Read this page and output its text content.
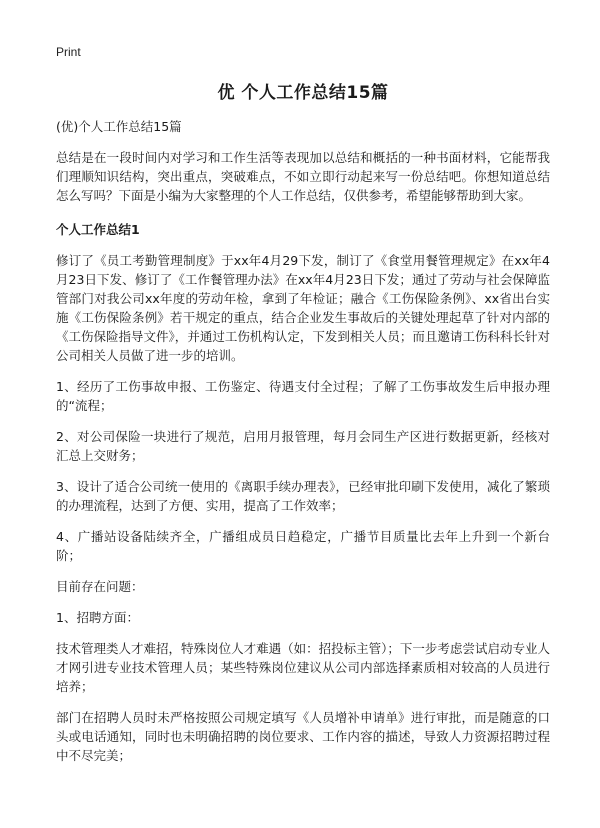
Print
优 个人工作总结15篇
(优)个人工作总结15篇

总结是在一段时间内对学习和工作生活等表现加以总结和概括的一种书面材料，它能帮我们理顺知识结构，突出重点，突破难点，不如立即行动起来写一份总结吧。你想知道总结怎么写吗？下面是小编为大家整理的个人工作总结，仅供参考，希望能够帮助到大家。

个人工作总结1

修订了《员工考勤管理制度》于xx年4月29下发，制订了《食堂用餐管理规定》在xx年4月23日下发、修订了《工作餐管理办法》在xx年4月23日下发；通过了劳动与社会保障监管部门对我公司xx年度的劳动年检，拿到了年检证；融合《工伤保险条例》、xx省出台实施《工伤保险条例》若干规定的重点，结合企业发生事故后的关键处理起草了针对内部的《工伤保险指导文件》，并通过工伤机构认定，下发到相关人员；而且邀请工伤科科长针对公司相关人员做了进一步的培训。

1、经历了工伤事故申报、工伤鉴定、待遇支付全过程；了解了工伤事故发生后申报办理的“流程；

2、对公司保险一块进行了规范，启用月报管理，每月会同生产区进行数据更新，经核对汇总上交财务；

3、设计了适合公司统一使用的《离职手续办理表》，已经审批印刷下发使用，减化了繁琐的办理流程，达到了方便、实用，提高了工作效率；

4、广播站设备陆续齐全，广播组成员日趋稳定，广播节目质量比去年上升到一个新台阶；

目前存在问题：

1、招聘方面：

技术管理类人才难招，特殊岗位人才难遇（如：招投标主管）；下一步考虑尝试启动专业人才网引进专业技术管理人员；某些特殊岗位建议从公司内部选择素质相对较高的人员进行培养；

部门在招聘人员时未严格按照公司规定填写《人员增补申请单》进行审批，而是随意的口头或电话通知，同时也未明确招聘的岗位要求、工作内容的描述，导致人力资源招聘过程中不尽完美；
